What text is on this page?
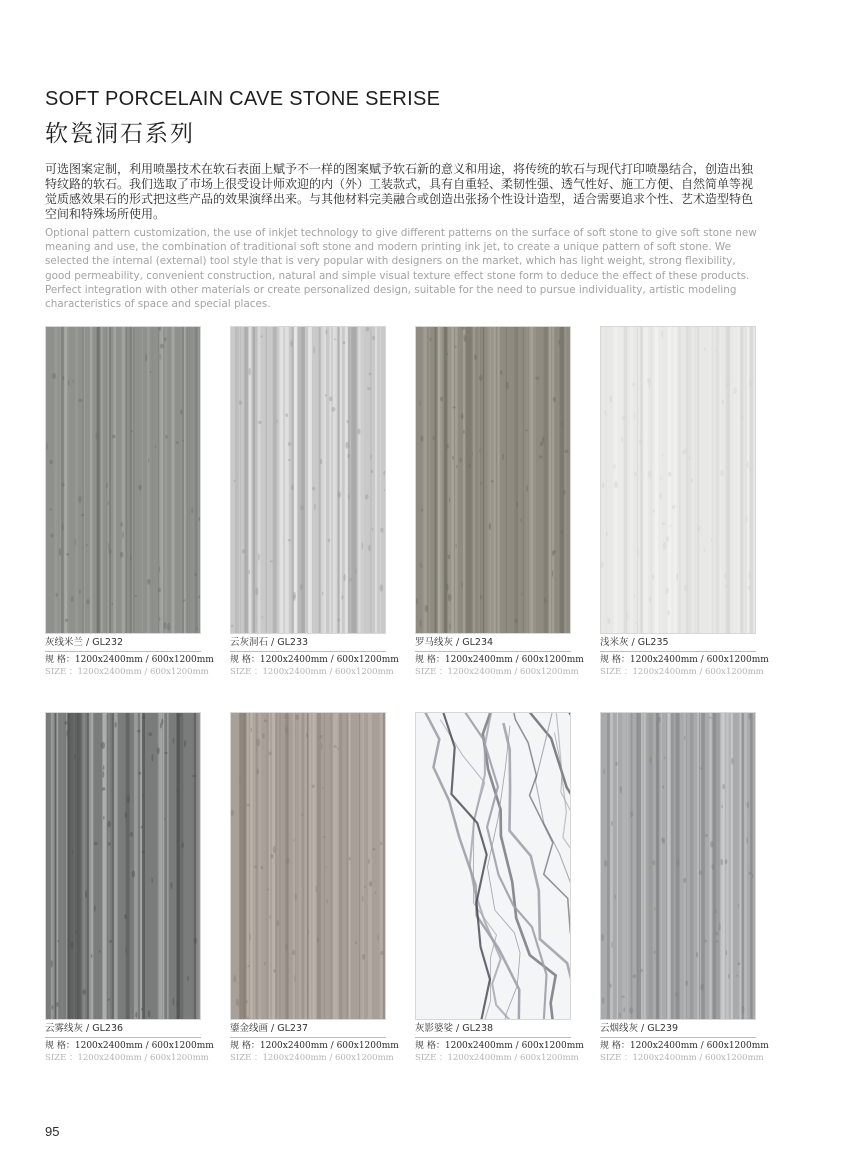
SOFT PORCELAIN CAVE STONE SERISE
软瓷洞石系列
可选图案定制，利用喷墨技术在软石表面上赋予不一样的图案赋予软石新的意义和用途，将传统的软石与现代打印喷墨结合，创造出独特纹路的软石。我们选取了市场上很受设计师欢迎的内（外）工装款式，具有自重轻、柔韧性强、透气性好、施工方便、自然简单等视觉质感效果石的形式把这些产品的效果演绎出来。与其他材料完美融合或创造出张扬个性设计造型，适合需要追求个性、艺术造型特色空间和特殊场所使用。
Optional pattern customization, the use of inkjet technology to give different patterns on the surface of soft stone to give soft stone new meaning and use, the combination of traditional soft stone and modern printing ink jet, to create a unique pattern of soft stone. We selected the internal (external) tool style that is very popular with designers on the market, which has light weight, strong flexibility, good permeability, convenient construction, natural and simple visual texture effect stone form to deduce the effect of these products. Perfect integration with other materials or create personalized design, suitable for the need to pursue individuality, artistic modeling characteristics of space and special places.
灰线米兰 / GL232
规 格：1200x2400mm / 600x1200mm
SIZE ：1200x2400mm / 600x1200mm
云灰洞石 / GL233
规 格：1200x2400mm / 600x1200mm
SIZE ：1200x2400mm / 600x1200mm
罗马线灰 / GL234
规 格：1200x2400mm / 600x1200mm
SIZE ：1200x2400mm / 600x1200mm
浅米灰 / GL235
规 格：1200x2400mm / 600x1200mm
SIZE ：1200x2400mm / 600x1200mm
云雾线灰 / GL236
规 格：1200x2400mm / 600x1200mm
SIZE ：1200x2400mm / 600x1200mm
鎏金线画 / GL237
规 格：1200x2400mm / 600x1200mm
SIZE ：1200x2400mm / 600x1200mm
灰影婆娑 / GL238
规 格：1200x2400mm / 600x1200mm
SIZE ：1200x2400mm / 600x1200mm
云烟线灰 / GL239
规 格：1200x2400mm / 600x1200mm
SIZE ：1200x2400mm / 600x1200mm
95
